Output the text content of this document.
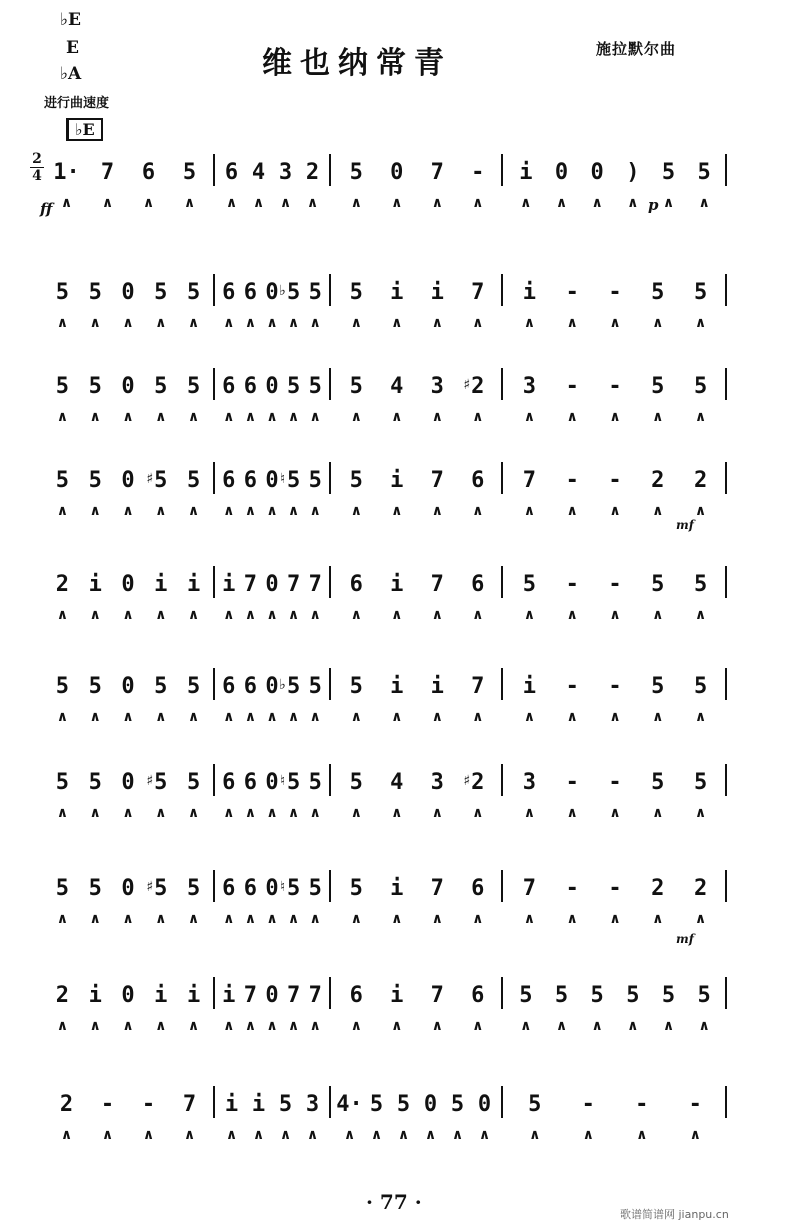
♭E
E
♭A
进行曲速度
维也纳常青	施拉默尔曲
♭E
2
4 1·
∧
7
∧
6
∧
5
∧
6
∧
4
∧
3
∧
2
∧
5
∧
0
∧
7
∧
-
∧
i
∧
0
∧
0
∧
)
∧
5
∧
5
∧
5
∧
5
∧
0
∧
5
∧
5
∧
6
∧
6
∧
0
∧
♭ 5
∧
5
∧
5
∧
i
∧
i
∧
7
∧
i
∧
-
∧
-
∧
5
∧
5
∧
5
∧
5
∧
0
∧
5
∧
5
∧
6
∧
6
∧
0
∧
5
∧
5
∧
5
∧
4
∧
3
∧
♯ 2
∧
3
∧
-
∧
-
∧
5
∧
5
∧
5
∧
5
∧
0
∧
♯ 5
∧
5
∧
6
∧
6
∧
0
∧
♮ 5
∧
5
∧
5
∧
i
∧
7
∧
6
∧
7
∧
-
∧
-
∧
2
∧
2
∧
2
∧
i
∧
0
∧
i
∧
i
∧
i
∧
7
∧
0
∧
7
∧
7
∧
6
∧
i
∧
7
∧
6
∧
5
∧
-
∧
-
∧
5
∧
5
∧
5
∧
5
∧
0
∧
5
∧
5
∧
6
∧
6
∧
0
∧
♭ 5
∧
5
∧
5
∧
i
∧
i
∧
7
∧
i
∧
-
∧
-
∧
5
∧
5
∧
5
∧
5
∧
0
∧
♯ 5
∧
5
∧
6
∧
6
∧
0
∧
♮ 5
∧
5
∧
5
∧
4
∧
3
∧
♯ 2
∧
3
∧
-
∧
-
∧
5
∧
5
∧
5
∧
5
∧
0
∧
♯ 5
∧
5
∧
6
∧
6
∧
0
∧
♮ 5
∧
5
∧
5
∧
i
∧
7
∧
6
∧
7
∧
-
∧
-
∧
2
∧
2
∧
2
∧
i
∧
0
∧
i
∧
i
∧
i
∧
7
∧
0
∧
7
∧
7
∧
6
∧
i
∧
7
∧
6
∧
5
∧
5
∧
5
∧
5
∧
5
∧
5
∧
2
∧
-
∧
-
∧
7
∧
i
∧
i
∧
5
∧
3
∧
4·
∧
5
∧
5
∧
0
∧
5
∧
0
∧
5
∧
-
∧
-
∧
-
∧
ff	p
mf
mf
· 77 ·
歌谱简谱网 jianpu.cn
